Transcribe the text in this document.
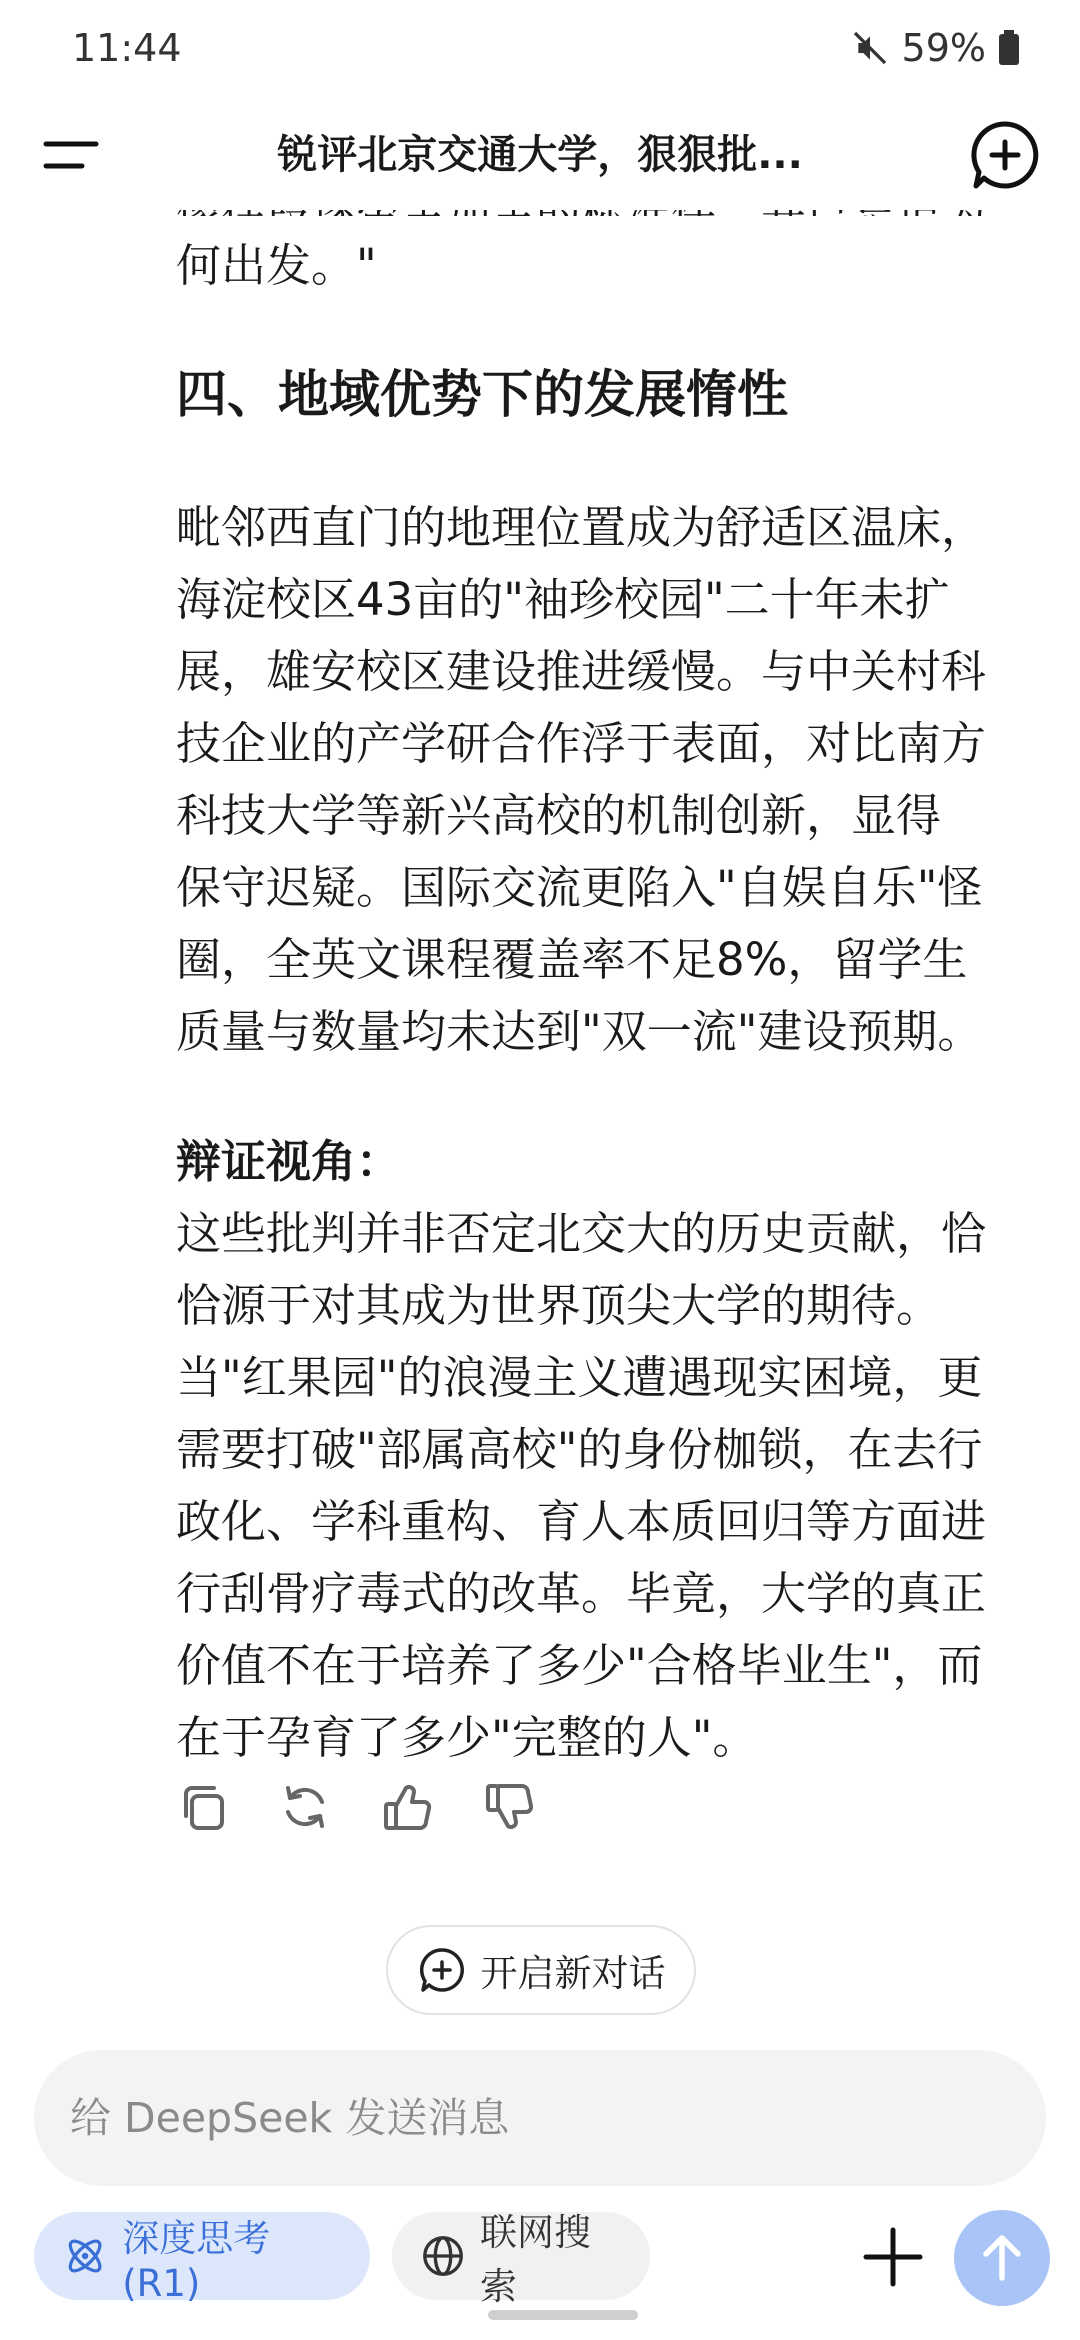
11:44	59%
锐评北京交通大学，狠狠批...
何出发。"
四、地域优势下的发展惰性
毗邻西直门的地理位置成为舒适区温床，
海淀校区43亩的"袖珍校园"二十年未扩
展，雄安校区建设推进缓慢。与中关村科
技企业的产学研合作浮于表面，对比南方
科技大学等新兴高校的机制创新，显得
保守迟疑。国际交流更陷入"自娱自乐"怪
圈，全英文课程覆盖率不足8%，留学生
质量与数量均未达到"双一流"建设预期。
辩证视角：
这些批判并非否定北交大的历史贡献，恰
恰源于对其成为世界顶尖大学的期待。
当"红果园"的浪漫主义遭遇现实困境，更
需要打破"部属高校"的身份枷锁，在去行
政化、学科重构、育人本质回归等方面进
行刮骨疗毒式的改革。毕竟，大学的真正
价值不在于培养了多少"合格毕业生"，而
在于孕育了多少"完整的人"。
开启新对话
给 DeepSeek 发送消息
深度思考 (R1)
联网搜索
